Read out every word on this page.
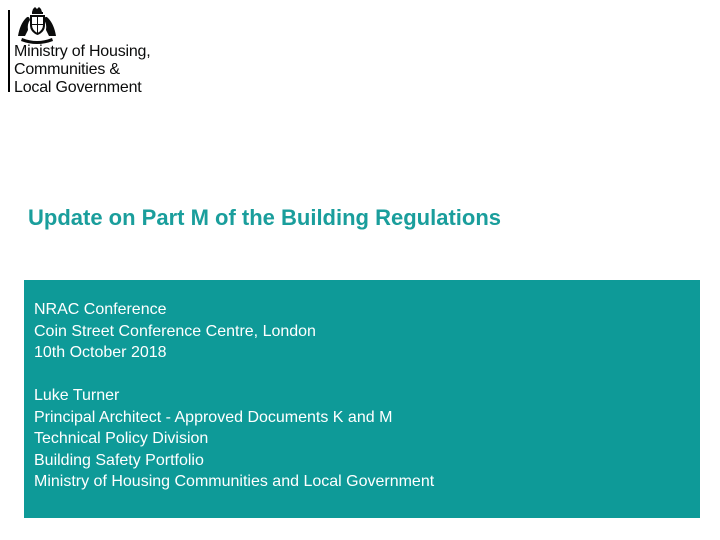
Ministry of Housing,
Communities &
Local Government
Update on Part M of the Building Regulations
NRAC Conference
Coin Street Conference Centre, London
10th October 2018
Luke Turner
Principal Architect - Approved Documents K and M
Technical Policy Division
Building Safety Portfolio
Ministry of Housing Communities and Local Government
